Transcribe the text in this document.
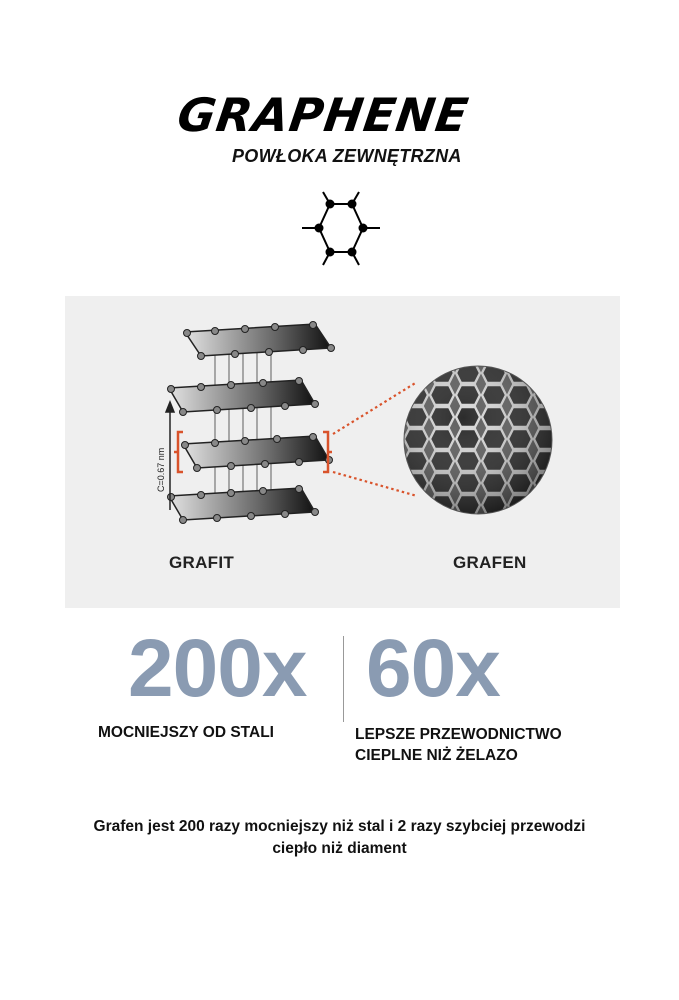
GRAPHENE
POWŁOKA ZEWNĘTRZNA
C=0.67 nm
GRAFIT	GRAFEN
200x 60x
MOCNIEJSZY OD STALI	LEPSZE PRZEWODNICTWO
CIEPLNE NIŻ ŻELAZO
Grafen jest 200 razy mocniejszy niż stal i 2 razy szybciej przewodzi
ciepło niż diament
